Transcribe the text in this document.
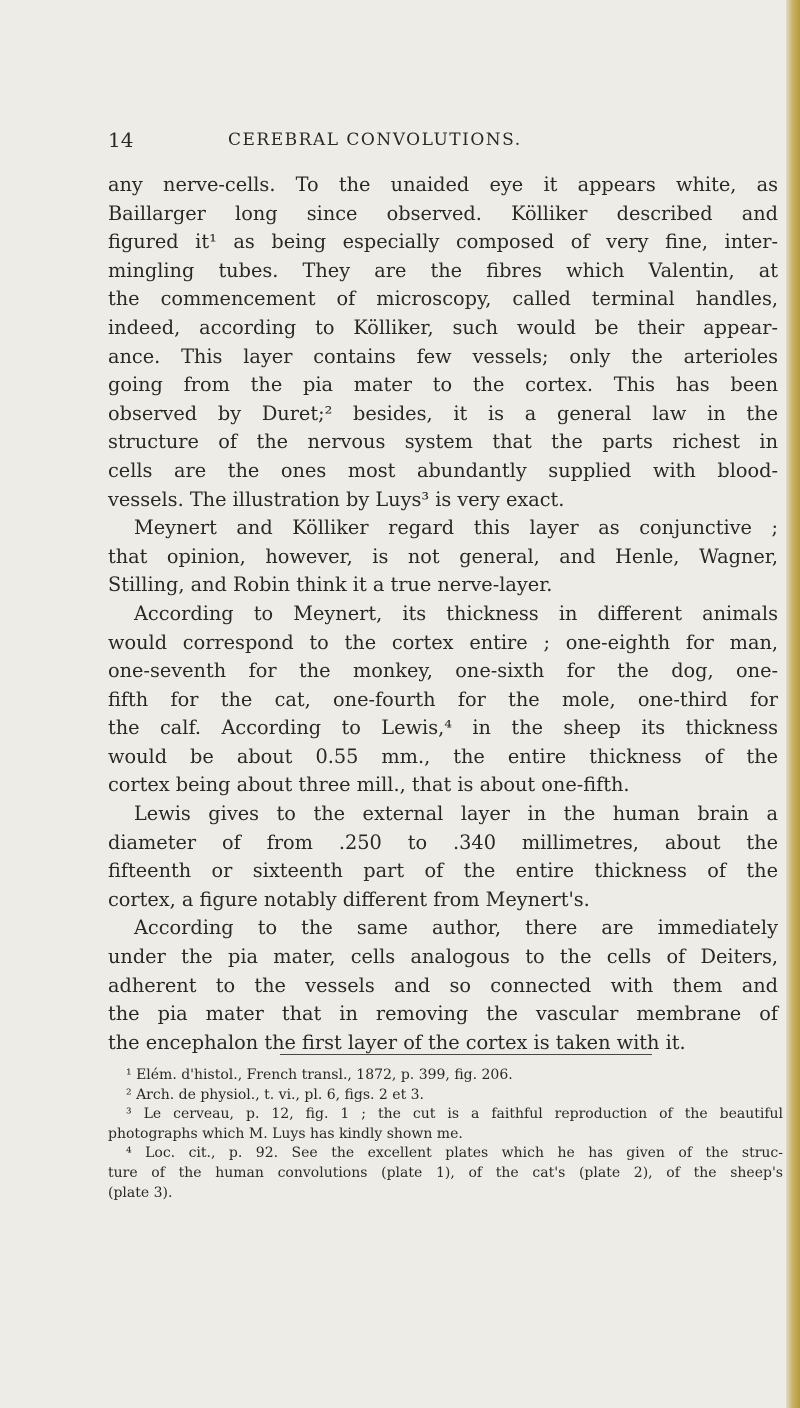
14	CEREBRAL CONVOLUTIONS.
any nerve-cells. To the unaided eye it appears white, as
Baillarger long since observed. Kölliker described and
figured it¹ as being especially composed of very fine, inter-
mingling tubes. They are the fibres which Valentin, at
the commencement of microscopy, called terminal handles,
indeed, according to Kölliker, such would be their appear-
ance. This layer contains few vessels; only the arterioles
going from the pia mater to the cortex. This has been
observed by Duret;² besides, it is a general law in the
structure of the nervous system that the parts richest in
cells are the ones most abundantly supplied with blood-
vessels. The illustration by Luys³ is very exact.
Meynert and Kölliker regard this layer as conjunctive ;
that opinion, however, is not general, and Henle, Wagner,
Stilling, and Robin think it a true nerve-layer.
According to Meynert, its thickness in different animals
would correspond to the cortex entire ; one-eighth for man,
one-seventh for the monkey, one-sixth for the dog, one-
fifth for the cat, one-fourth for the mole, one-third for
the calf. According to Lewis,⁴ in the sheep its thickness
would be about 0.55 mm., the entire thickness of the
cortex being about three mill., that is about one-fifth.
Lewis gives to the external layer in the human brain a
diameter of from .250 to .340 millimetres, about the
fifteenth or sixteenth part of the entire thickness of the
cortex, a figure notably different from Meynert's.
According to the same author, there are immediately
under the pia mater, cells analogous to the cells of Deiters,
adherent to the vessels and so connected with them and
the pia mater that in removing the vascular membrane of
the encephalon the first layer of the cortex is taken with it.
¹ Elém. d'histol., French transl., 1872, p. 399, fig. 206.
² Arch. de physiol., t. vi., pl. 6, figs. 2 et 3.
³ Le cerveau, p. 12, fig. 1 ; the cut is a faithful reproduction of the beautiful
photographs which M. Luys has kindly shown me.
⁴ Loc. cit., p. 92. See the excellent plates which he has given of the struc-
ture of the human convolutions (plate 1), of the cat's (plate 2), of the sheep's
(plate 3).
